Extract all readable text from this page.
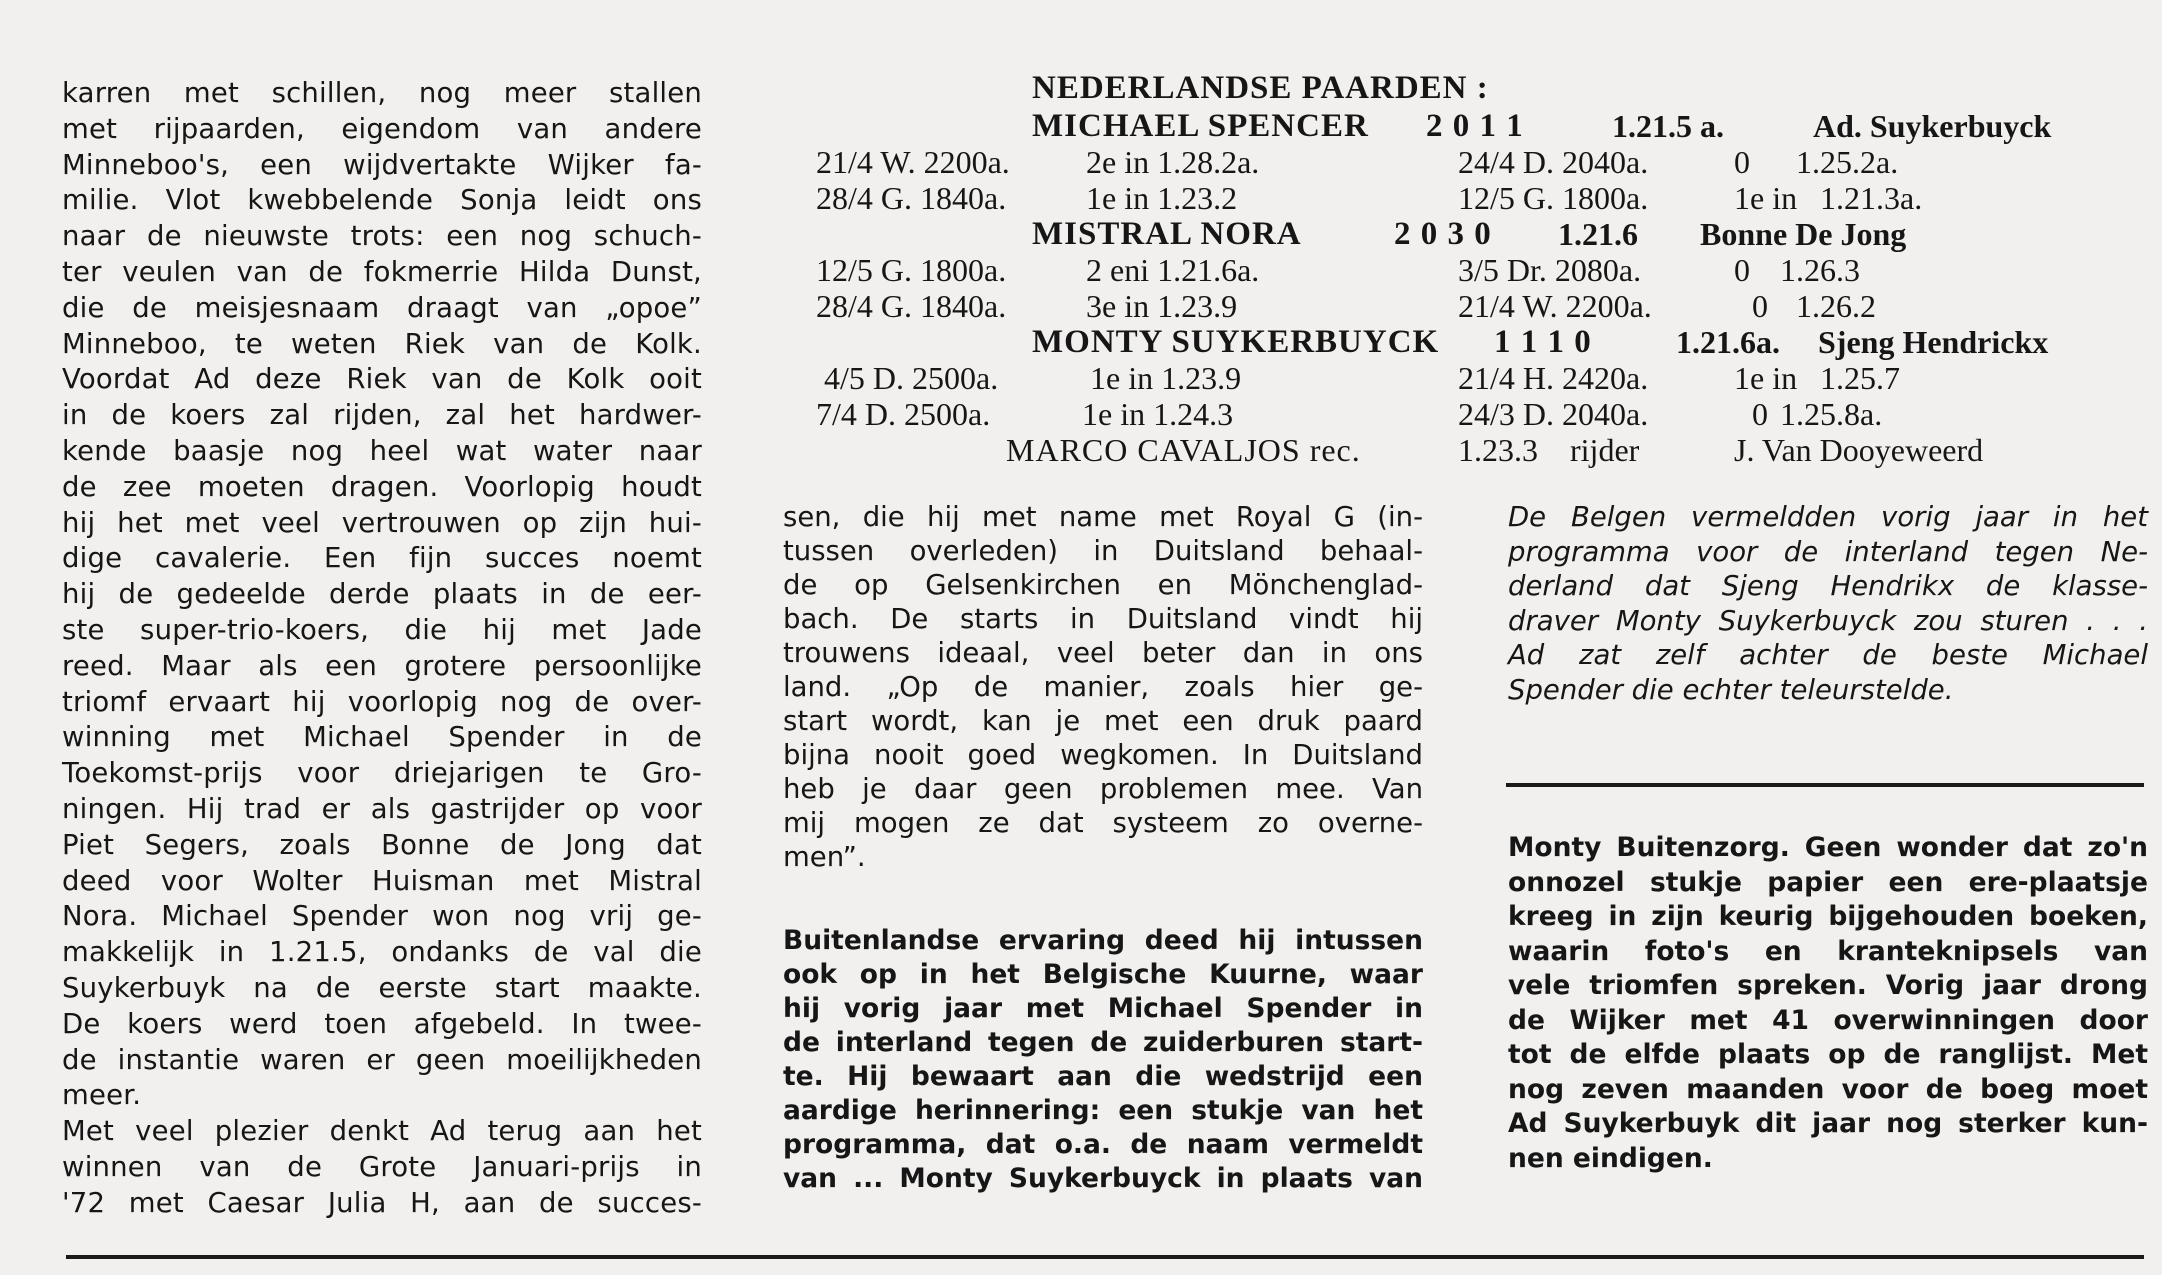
karren met schillen, nog meer stallen
met rijpaarden, eigendom van andere
Minneboo's, een wijdvertakte Wijker fa-
milie. Vlot kwebbelende Sonja leidt ons
naar de nieuwste trots: een nog schuch-
ter veulen van de fokmerrie Hilda Dunst,
die de meisjesnaam draagt van „opoe”
Minneboo, te weten Riek van de Kolk.
Voordat Ad deze Riek van de Kolk ooit
in de koers zal rijden, zal het hardwer-
kende baasje nog heel wat water naar
de zee moeten dragen. Voorlopig houdt
hij het met veel vertrouwen op zijn hui-
dige cavalerie. Een fijn succes noemt
hij de gedeelde derde plaats in de eer-
ste super-trio-koers, die hij met Jade
reed. Maar als een grotere persoonlijke
triomf ervaart hij voorlopig nog de over-
winning met Michael Spender in de
Toekomst-prijs voor driejarigen te Gro-
ningen. Hij trad er als gastrijder op voor
Piet Segers, zoals Bonne de Jong dat
deed voor Wolter Huisman met Mistral
Nora. Michael Spender won nog vrij ge-
makkelijk in 1.21.5, ondanks de val die
Suykerbuyk na de eerste start maakte.
De koers werd toen afgebeld. In twee-
de instantie waren er geen moeilijkheden
meer.
Met veel plezier denkt Ad terug aan het
winnen van de Grote Januari-prijs in
'72 met Caesar Julia H, aan de succes-
NEDERLANDSE PAARDEN :
MICHAEL SPENCER 2 0 1 1	1.21.5 a.	Ad. Suykerbuyck
21/4 W. 2200a. 2e in 1.28.2a.	24/4 D. 2040a.	0 1.25.2a.
28/4 G. 1840a. 1e in 1.23.2	12/5 G. 1800a.	1e in 1.21.3a.
MISTRAL NORA	2 0 3 0 1.21.6 Bonne De Jong
12/5 G. 1800a. 2 eni 1.21.6a.	3/5 Dr. 2080a.	0 1.26.3
28/4 G. 1840a. 3e in 1.23.9	21/4 W. 2200a.	0 1.26.2
MONTY SUYKERBUYCK 1 1 1 0	1.21.6a. Sjeng Hendrickx
4/5 D. 2500a.	1e in 1.23.9	21/4 H. 2420a.	1e in 1.25.7
7/4 D. 2500a.	1e in 1.24.3	24/3 D. 2040a.	0 1.25.8a.
MARCO CAVALJOS rec.	1.23.3 rijder	J. Van Dooyeweerd
sen, die hij met name met Royal G (in-
tussen overleden) in Duitsland behaal-
de op Gelsenkirchen en Mönchenglad-
bach. De starts in Duitsland vindt hij
trouwens ideaal, veel beter dan in ons
land. „Op de manier, zoals hier ge-
start wordt, kan je met een druk paard
bijna nooit goed wegkomen. In Duitsland
heb je daar geen problemen mee. Van
mij mogen ze dat systeem zo overne-
men”.
Buitenlandse ervaring deed hij intussen
ook op in het Belgische Kuurne, waar
hij vorig jaar met Michael Spender in
de interland tegen de zuiderburen start-
te. Hij bewaart aan die wedstrijd een
aardige herinnering: een stukje van het
programma, dat o.a. de naam vermeldt
van ... Monty Suykerbuyck in plaats van
De Belgen vermeldden vorig jaar in het
programma voor de interland tegen Ne-
derland dat Sjeng Hendrikx de klasse-
draver Monty Suykerbuyck zou sturen . . .
Ad zat zelf achter de beste Michael
Spender die echter teleurstelde.
Monty Buitenzorg. Geen wonder dat zo'n
onnozel stukje papier een ere-plaatsje
kreeg in zijn keurig bijgehouden boeken,
waarin foto's en kranteknipsels van
vele triomfen spreken. Vorig jaar drong
de Wijker met 41 overwinningen door
tot de elfde plaats op de ranglijst. Met
nog zeven maanden voor de boeg moet
Ad Suykerbuyk dit jaar nog sterker kun-
nen eindigen.
